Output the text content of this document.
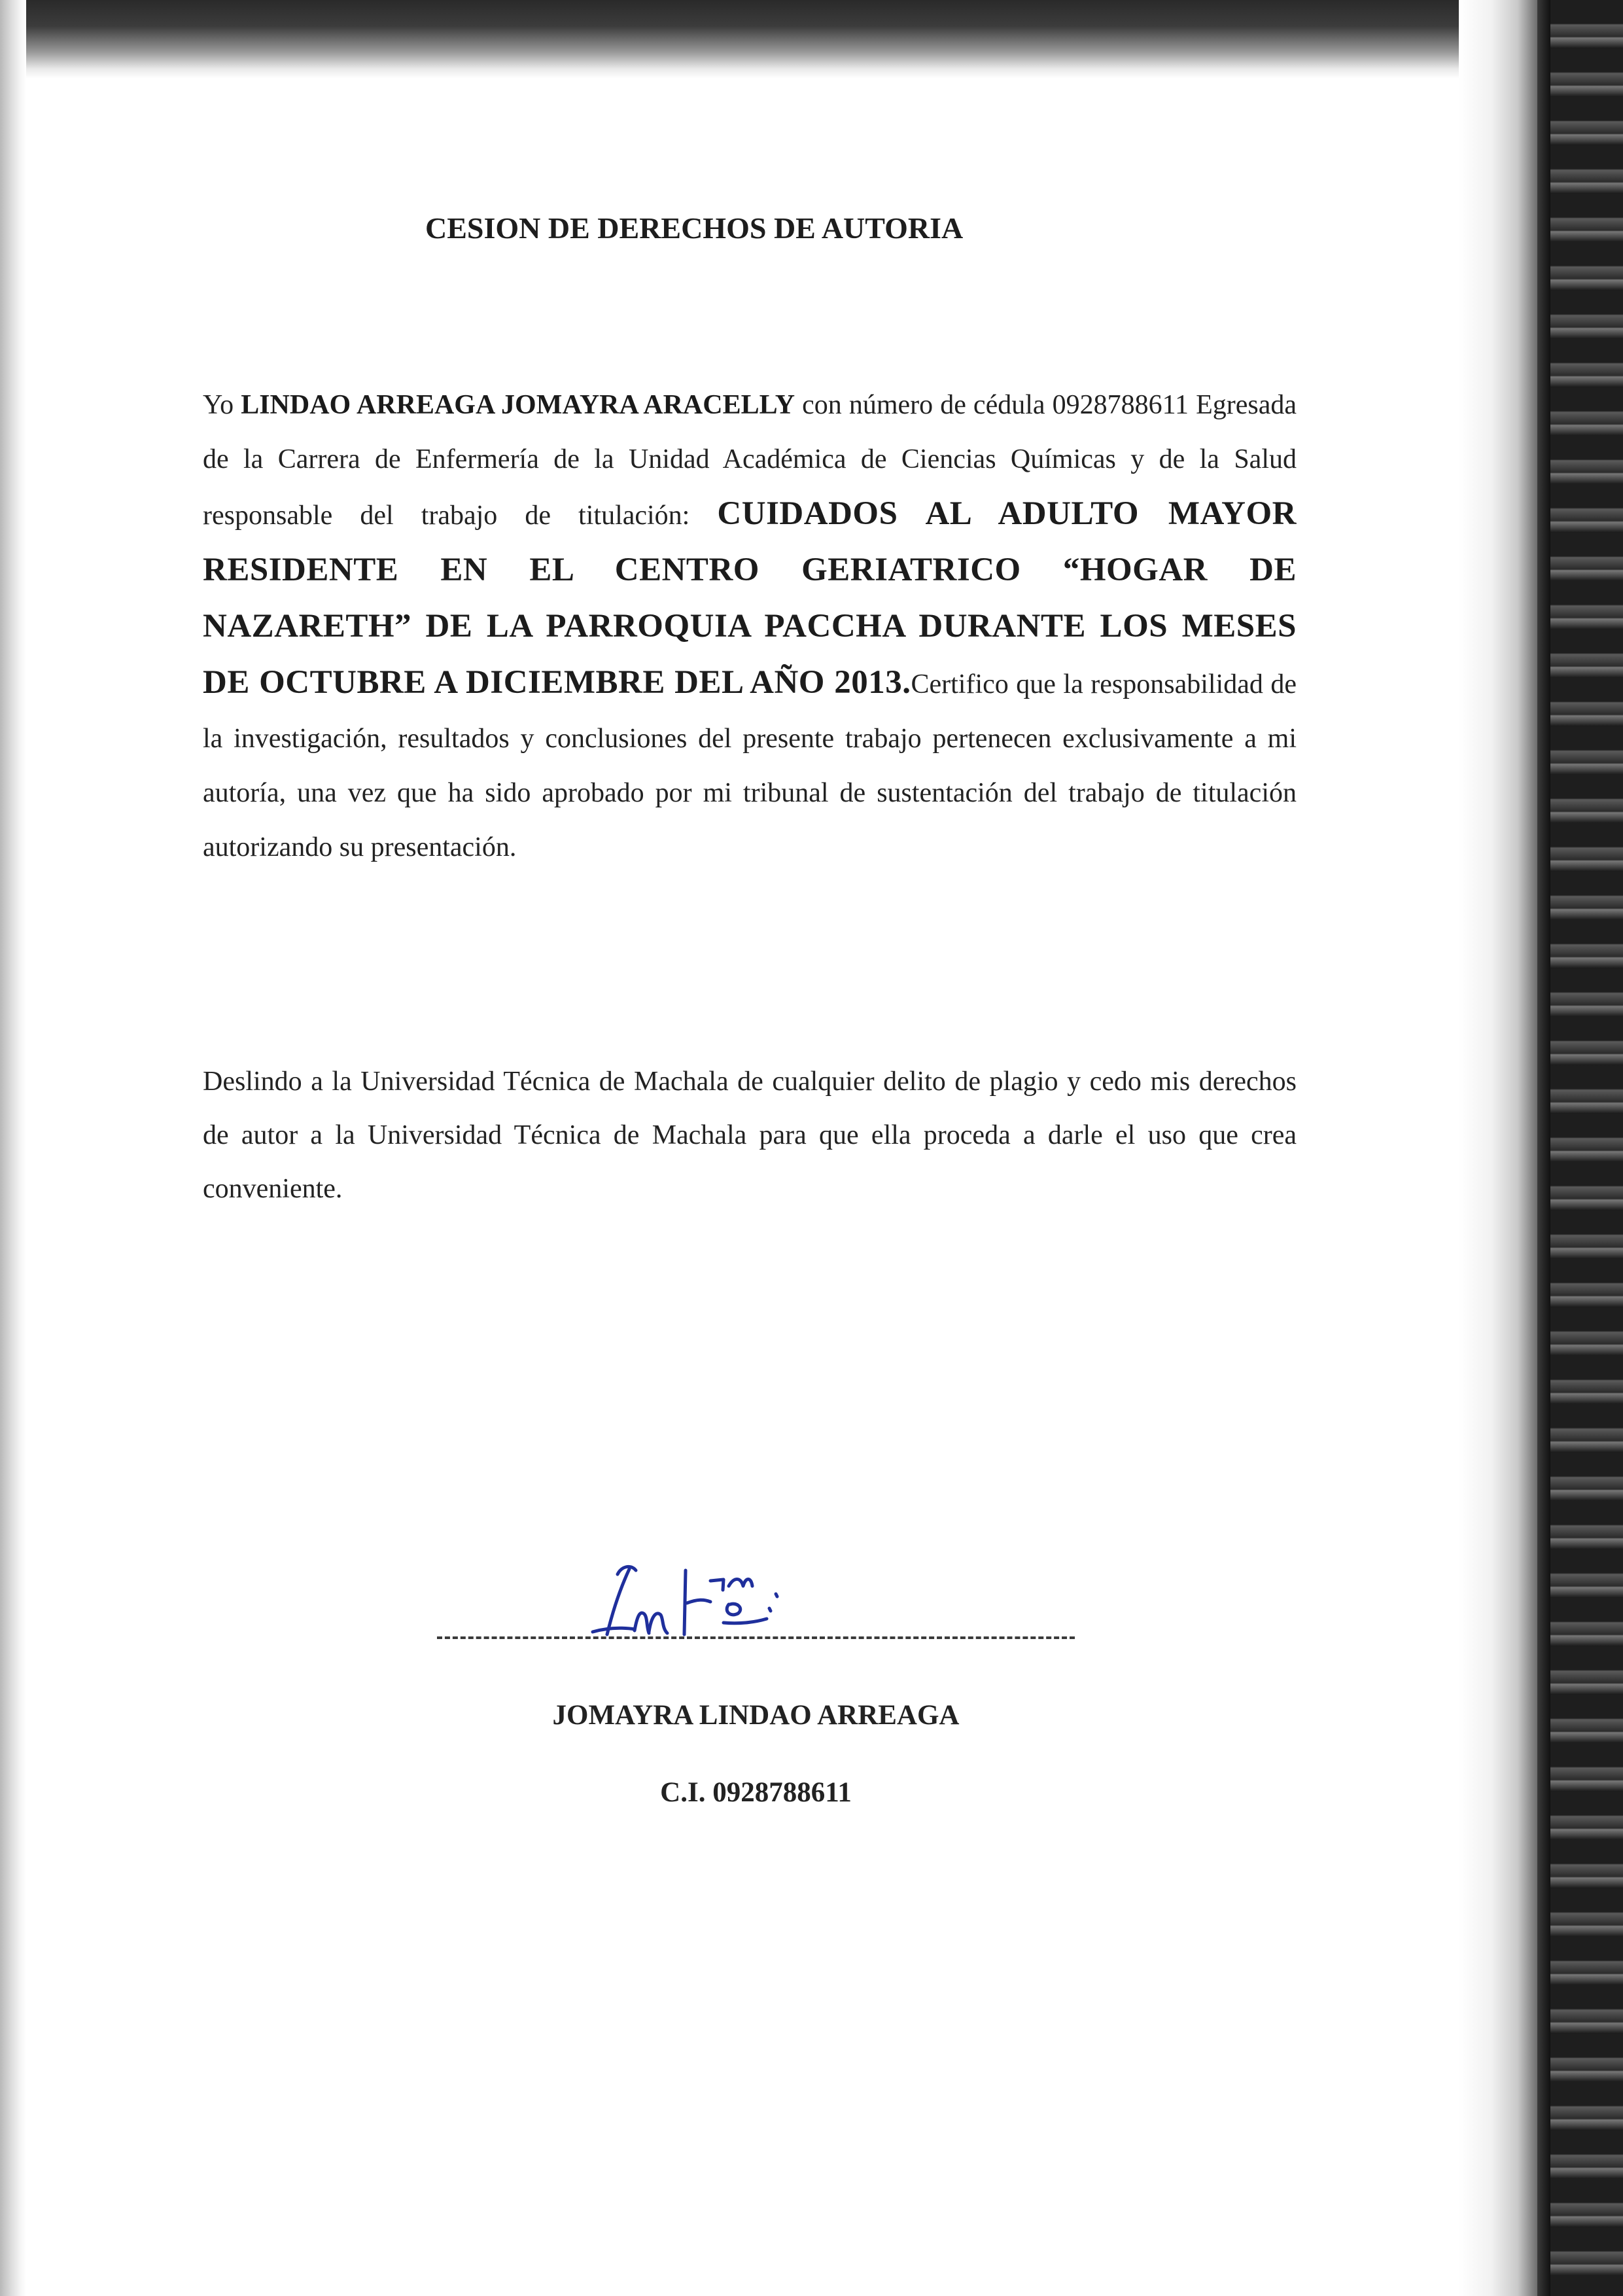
CESION DE DERECHOS DE AUTORIA

Yo LINDAO ARREAGA JOMAYRA ARACELLY con número de cédula 0928788611 Egresada de la Carrera de Enfermería de la Unidad Académica de Ciencias Químicas y de la Salud responsable del trabajo de titulación: CUIDADOS AL ADULTO MAYOR RESIDENTE EN EL CENTRO GERIATRICO “HOGAR DE NAZARETH” DE LA PARROQUIA PACCHA DURANTE LOS MESES DE OCTUBRE A DICIEMBRE DEL AÑO 2013.Certifico que la responsabilidad de la investigación, resultados y conclusiones del presente trabajo pertenecen exclusivamente a mi autoría, una vez que ha sido aprobado por mi tribunal de sustentación del trabajo de titulación autorizando su presentación.

Deslindo a la Universidad Técnica de Machala de cualquier delito de plagio y cedo mis derechos de autor a la Universidad Técnica de Machala para que ella proceda a darle el uso que crea conveniente.

JOMAYRA LINDAO ARREAGA
C.I. 0928788611
